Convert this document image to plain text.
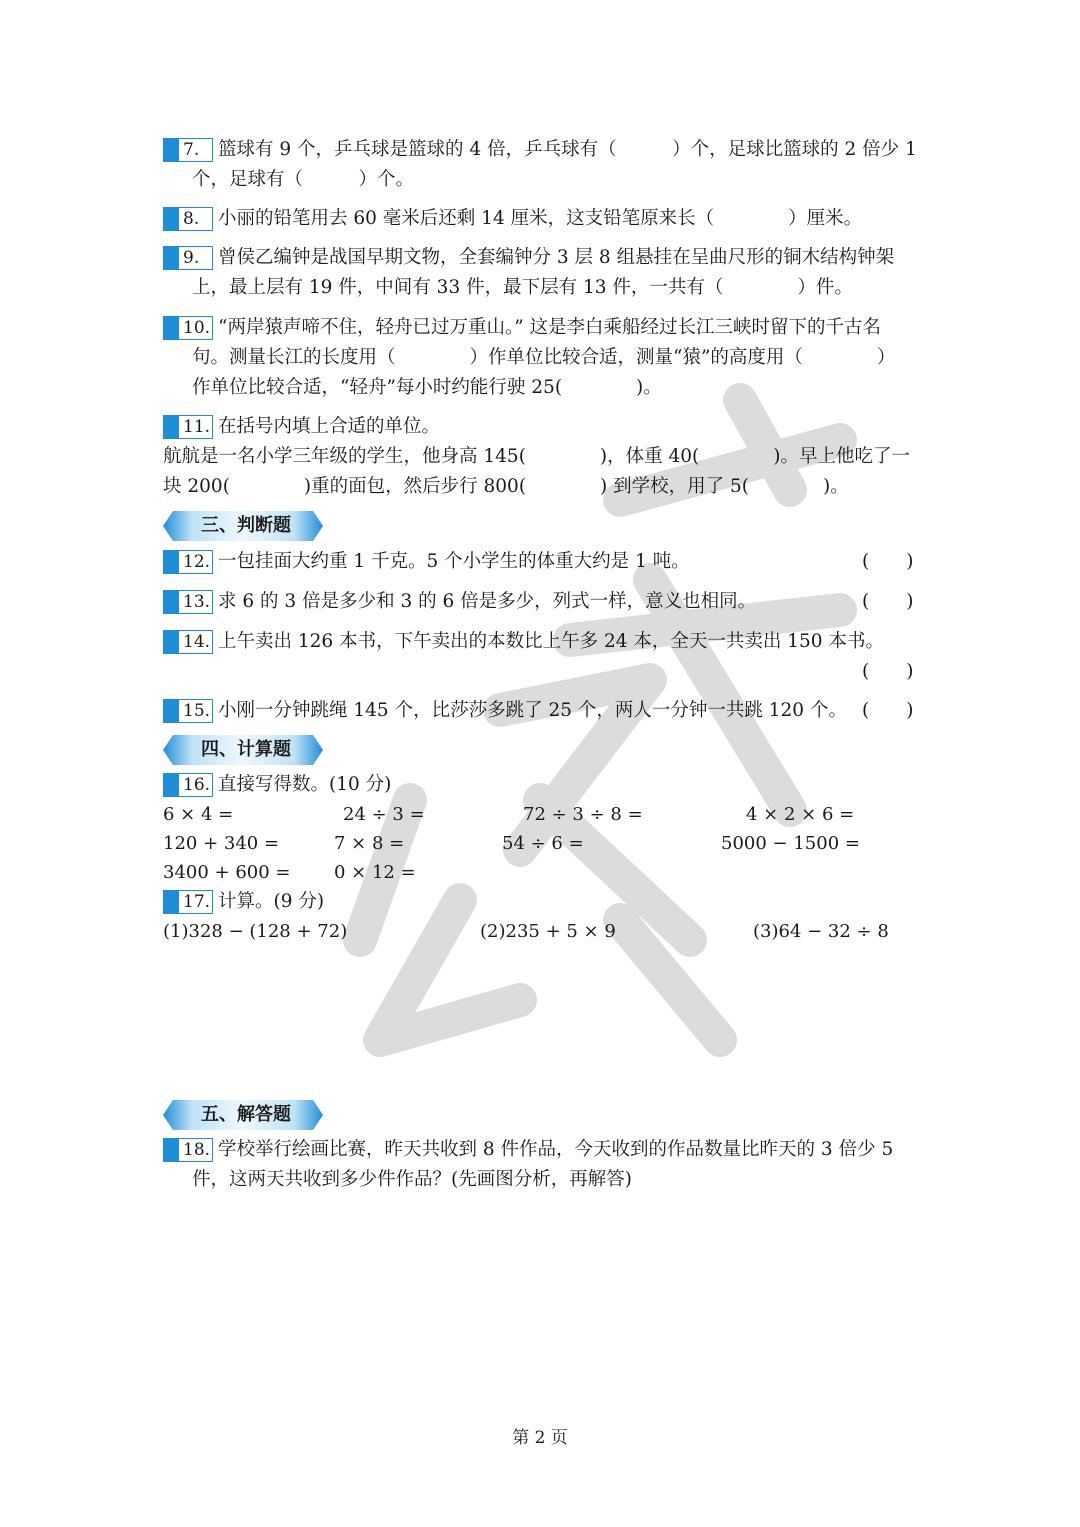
7.	篮球有 9 个，乒乓球是篮球的 4 倍，乒乓球有（　　　）个，足球比篮球的 2 倍少 1
个，足球有（　　　）个。
8.	小丽的铅笔用去 60 毫米后还剩 14 厘米，这支铅笔原来长（　　　　）厘米。
9.	曾侯乙编钟是战国早期文物，全套编钟分 3 层 8 组悬挂在呈曲尺形的铜木结构钟架
上，最上层有 19 件，中间有 33 件，最下层有 13 件，一共有（　　　　）件。
10. “两岸猿声啼不住，轻舟已过万重山。” 这是李白乘船经过长江三峡时留下的千古名
句。测量长江的长度用（　　　　）作单位比较合适，测量“猿”的高度用（　　　　）
作单位比较合适，“轻舟”每小时约能行驶 25(　　　　)。
11. 在括号内填上合适的单位。
航航是一名小学三年级的学生，他身高 145(　　　　)，体重 40(　　　　)。早上他吃了一
块 200(　　　　)重的面包，然后步行 800(　　　　) 到学校，用了 5(　　　　)。
三、判断题
12. 一包挂面大约重 1 千克。5 个小学生的体重大约是 1 吨。	(　　)
13. 求 6 的 3 倍是多少和 3 的 6 倍是多少，列式一样，意义也相同。	(　　)
14. 上午卖出 126 本书，下午卖出的本数比上午多 24 本，全天一共卖出 150 本书。
(　　)
15. 小刚一分钟跳绳 145 个，比莎莎多跳了 25 个，两人一分钟一共跳 120 个。 (　　)
四、计算题
16. 直接写得数。(10 分)
6 × 4 =	24 ÷ 3 =	72 ÷ 3 ÷ 8 =	4 × 2 × 6 =
120 + 340 =	7 × 8 =	54 ÷ 6 =	5000 − 1500 =
3400 + 600 = 0 × 12 =
17. 计算。(9 分)
(1)328 − (128 + 72)	(2)235 + 5 × 9	(3)64 − 32 ÷ 8
五、解答题
18. 学校举行绘画比赛，昨天共收到 8 件作品，今天收到的作品数量比昨天的 3 倍少 5
件，这两天共收到多少件作品？(先画图分析，再解答)
第 2 页
